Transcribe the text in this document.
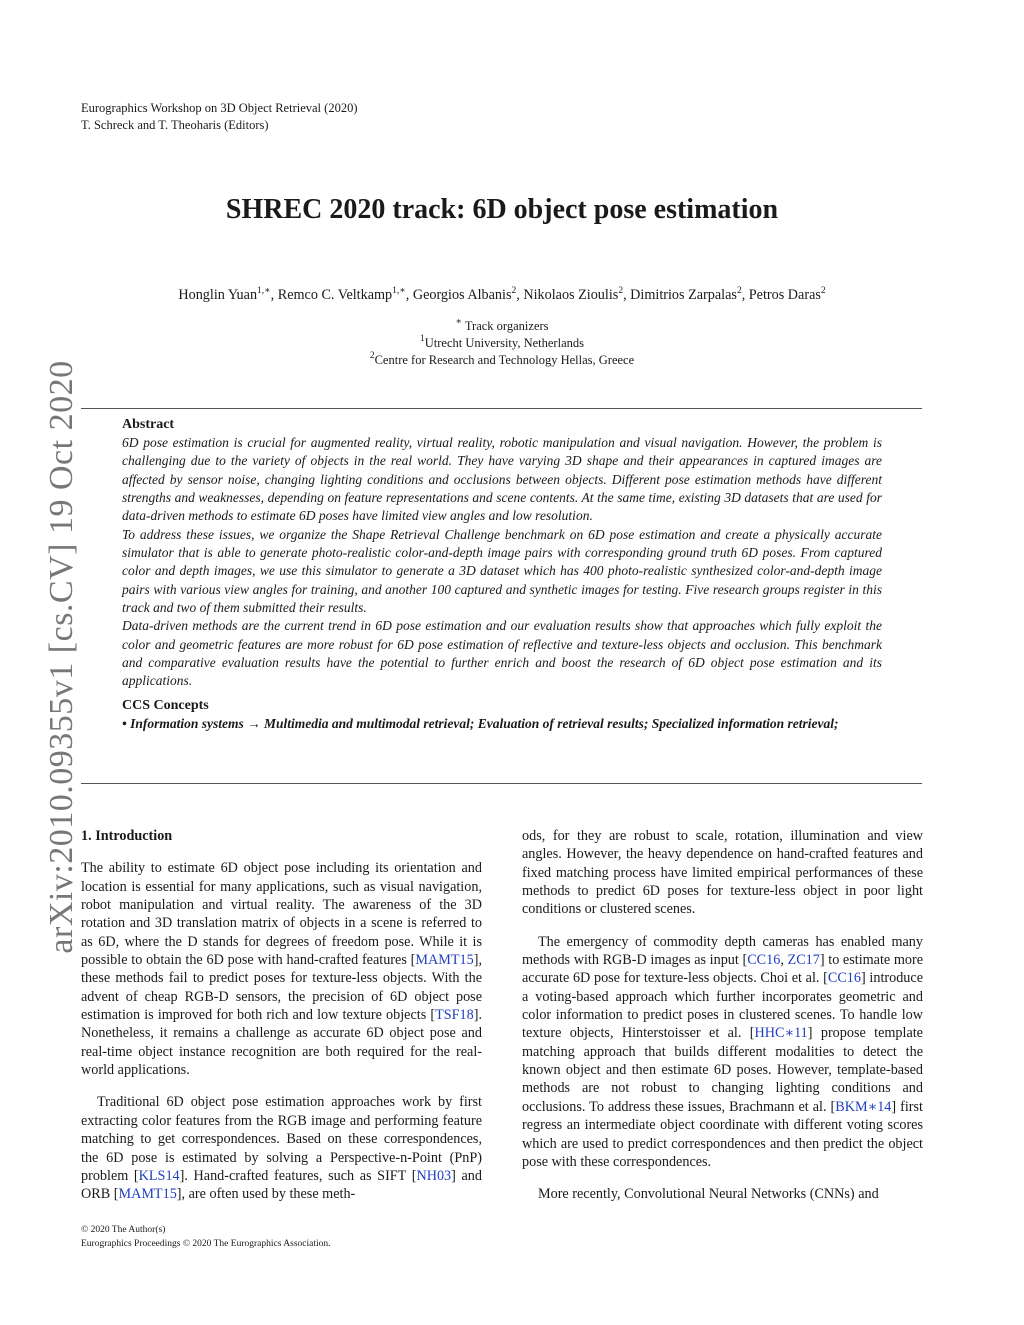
Eurographics Workshop on 3D Object Retrieval (2020)
T. Schreck and T. Theoharis (Editors)
SHREC 2020 track: 6D object pose estimation
Honglin Yuan$^{1,∗}$, Remco C. Veltkamp$^{1,∗}$, Georgios Albanis$^2$, Nikolaos Zioulis$^2$, Dimitrios Zarpalas$^2$, Petros Daras$^2$
∗ Track organizers
$^1$Utrecht University, Netherlands
$^2$Centre for Research and Technology Hellas, Greece
Abstract

6D pose estimation is crucial for augmented reality, virtual reality, robotic manipulation and visual navigation. However, the problem is challenging due to the variety of objects in the real world. They have varying 3D shape and their appearances in captured images are affected by sensor noise, changing lighting conditions and occlusions between objects. Different pose estimation methods have different strengths and weaknesses, depending on feature representations and scene contents. At the same time, existing 3D datasets that are used for data-driven methods to estimate 6D poses have limited view angles and low resolution.

To address these issues, we organize the Shape Retrieval Challenge benchmark on 6D pose estimation and create a physically accurate simulator that is able to generate photo-realistic color-and-depth image pairs with corresponding ground truth 6D poses. From captured color and depth images, we use this simulator to generate a 3D dataset which has 400 photo-realistic synthesized color-and-depth image pairs with various view angles for training, and another 100 captured and synthetic images for testing. Five research groups register in this track and two of them submitted their results.

Data-driven methods are the current trend in 6D pose estimation and our evaluation results show that approaches which fully exploit the color and geometric features are more robust for 6D pose estimation of reflective and texture-less objects and occlusion. This benchmark and comparative evaluation results have the potential to further enrich and boost the research of 6D object pose estimation and its applications.

CCS Concepts

• Information systems → Multimedia and multimodal retrieval; Evaluation of retrieval results; Specialized information retrieval;

arXiv:2010.09355v1 [cs.CV] 19 Oct 2020 1. Introduction

The ability to estimate 6D object pose including its orientation and location is essential for many applications, such as visual navigation, robot manipulation and virtual reality. The awareness of the 3D rotation and 3D translation matrix of objects in a scene is referred to as 6D, where the D stands for degrees of freedom pose. While it is possible to obtain the 6D pose with hand-crafted features [MAMT15], these methods fail to predict poses for texture-less objects. With the advent of cheap RGB-D sensors, the precision of 6D object pose estimation is improved for both rich and low texture objects [TSF18]. Nonetheless, it remains a challenge as accurate 6D object pose and real-time object instance recognition are both required for the real-world applications.

Traditional 6D object pose estimation approaches work by first extracting color features from the RGB image and performing feature matching to get correspondences. Based on these correspondences, the 6D pose is estimated by solving a Perspective-n-Point (PnP) problem [KLS14]. Hand-crafted features, such as SIFT [NH03] and ORB [MAMT15], are often used by these meth-

ods, for they are robust to scale, rotation, illumination and view angles. However, the heavy dependence on hand-crafted features and fixed matching process have limited empirical performances of these methods to predict 6D poses for texture-less object in poor light conditions or clustered scenes.

The emergency of commodity depth cameras has enabled many methods with RGB-D images as input [CC16, ZC17] to estimate more accurate 6D pose for texture-less objects. Choi et al. [CC16] introduce a voting-based approach which further incorporates geometric and color information to predict poses in clustered scenes. To handle low texture objects, Hinterstoisser et al. [HHC∗11] propose template matching approach that builds different modalities to detect the known object and then estimate 6D poses. However, template-based methods are not robust to changing lighting conditions and occlusions. To address these issues, Brachmann et al. [BKM∗14] first regress an intermediate object coordinate with different voting scores which are used to predict correspondences and then predict the object pose with these correspondences.

More recently, Convolutional Neural Networks (CNNs) and

© 2020 The Author(s)
Eurographics Proceedings © 2020 The Eurographics Association.
